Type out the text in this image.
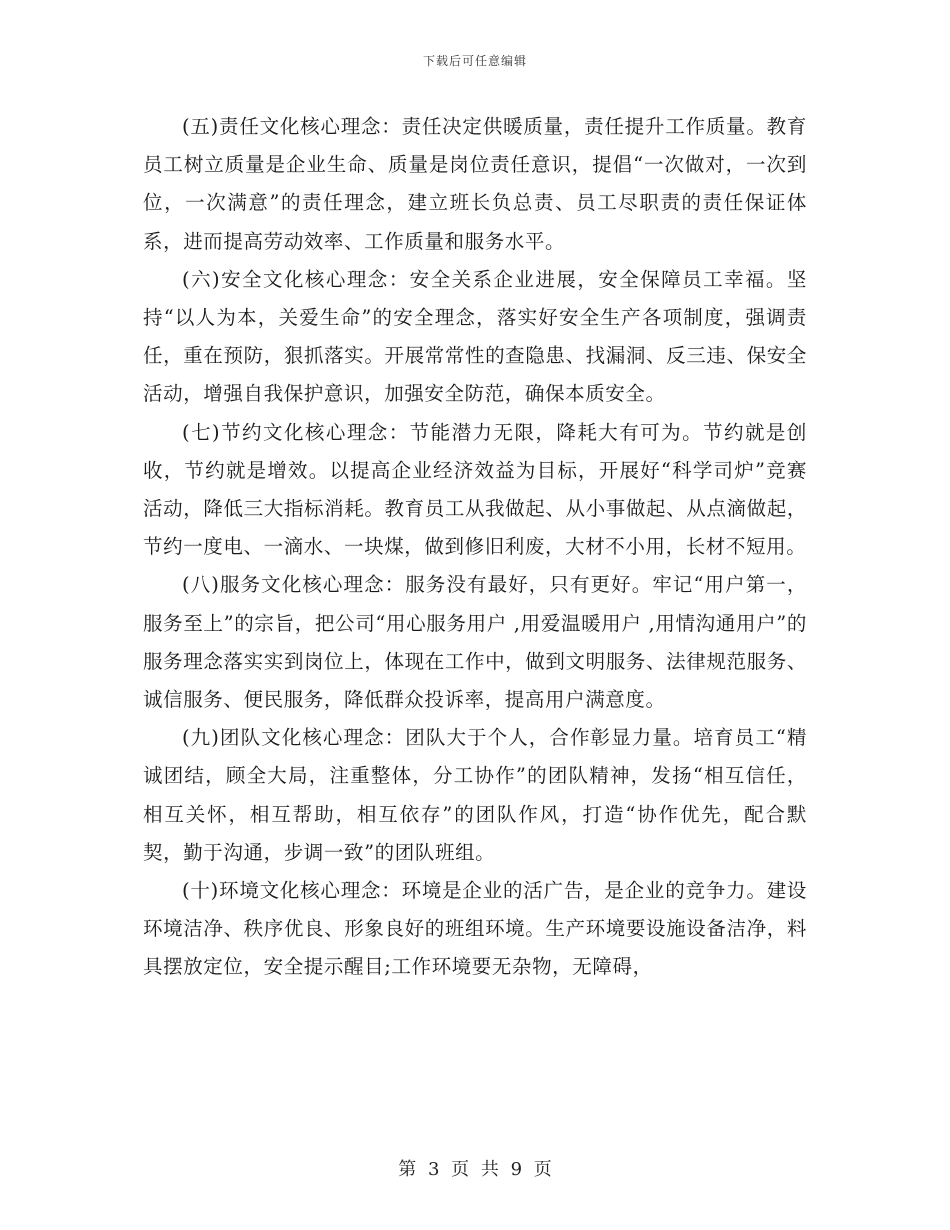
下载后可任意编辑

(五)责任文化核心理念：责任决定供暖质量，责任提升工作质量。教育员工树立质量是企业生命、质量是岗位责任意识，提倡“一次做对，一次到位，一次满意”的责任理念，建立班长负总责、员工尽职责的责任保证体系，进而提高劳动效率、工作质量和服务水平。

(六)安全文化核心理念：安全关系企业进展，安全保障员工幸福。坚持“以人为本，关爱生命”的安全理念，落实好安全生产各项制度，强调责任，重在预防，狠抓落实。开展常常性的查隐患、找漏洞、反三违、保安全活动，增强自我保护意识，加强安全防范，确保本质安全。

(七)节约文化核心理念：节能潜力无限，降耗大有可为。节约就是创收，节约就是增效。以提高企业经济效益为目标，开展好“科学司炉”竞赛活动，降低三大指标消耗。教育员工从我做起、从小事做起、从点滴做起，节约一度电、一滴水、一块煤，做到修旧利废，大材不小用，长材不短用。

(八)服务文化核心理念：服务没有最好，只有更好。牢记“用户第一，服务至上”的宗旨，把公司“用心服务用户 ,用爱温暖用户 ,用情沟通用户”的服务理念落实实到岗位上，体现在工作中，做到文明服务、法律规范服务、诚信服务、便民服务，降低群众投诉率，提高用户满意度。

(九)团队文化核心理念：团队大于个人，合作彰显力量。培育员工“精诚团结，顾全大局，注重整体，分工协作”的团队精神，发扬“相互信任，相互关怀，相互帮助，相互依存”的团队作风，打造“协作优先，配合默契，勤于沟通，步调一致”的团队班组。

(十)环境文化核心理念：环境是企业的活广告，是企业的竞争力。建设环境洁净、秩序优良、形象良好的班组环境。生产环境要设施设备洁净，料具摆放定位，安全提示醒目;工作环境要无杂物，无障碍，

第 3 页 共 9 页
